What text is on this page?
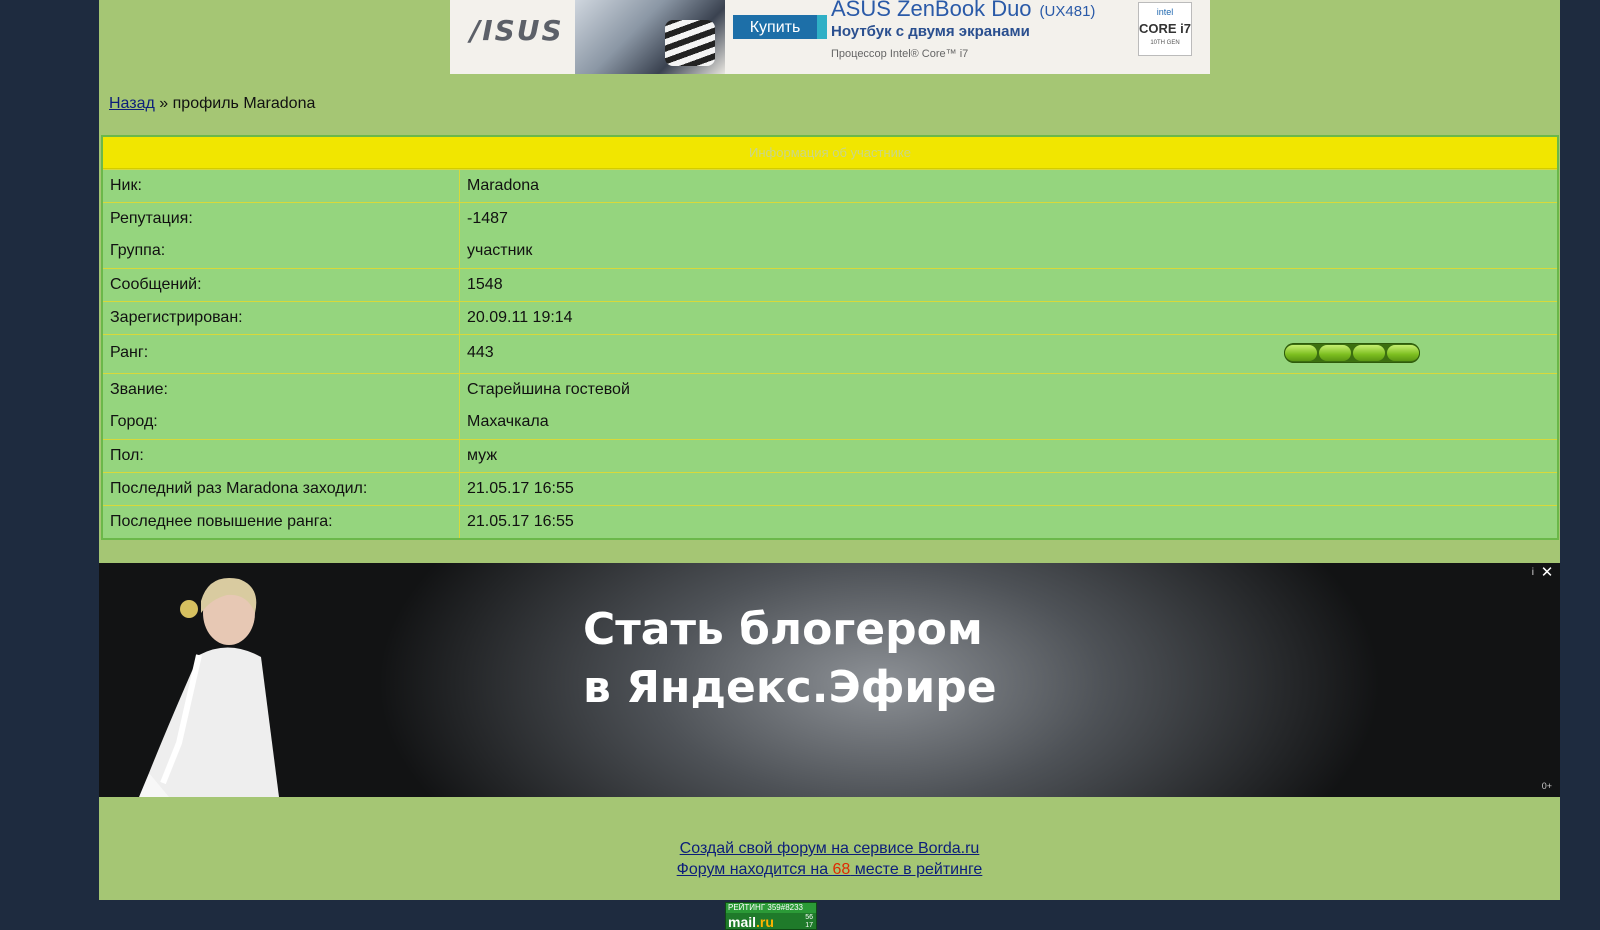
/ISUS	Купить
ASUS ZenBook Duo (UX481)
Ноутбук с двумя экранами
Процессор Intel® Core™ i7
intel
CORE i7
10TH GEN
Назад » профиль Maradona
Информация об участнике
Ник:	Maradona
Репутация:	-1487
Группа:	участник
Сообщений:	1548
Зарегистрирован:	20.09.11 19:14
Ранг:	443
Звание:	Старейшина гостевой
Город:	Махачкала
Пол:	муж
Последний раз Maradona заходил:	21.05.17 16:55
Последнее повышение ранга:	21.05.17 16:55
Стать блогером
в Яндекс.Эфире
i ✕
0+
Создай свой форум на сервисе Borda.ru
Форум находится на 68 месте в рейтинге
РЕЙТИНГ 359#8233
mail.ru	56
17
